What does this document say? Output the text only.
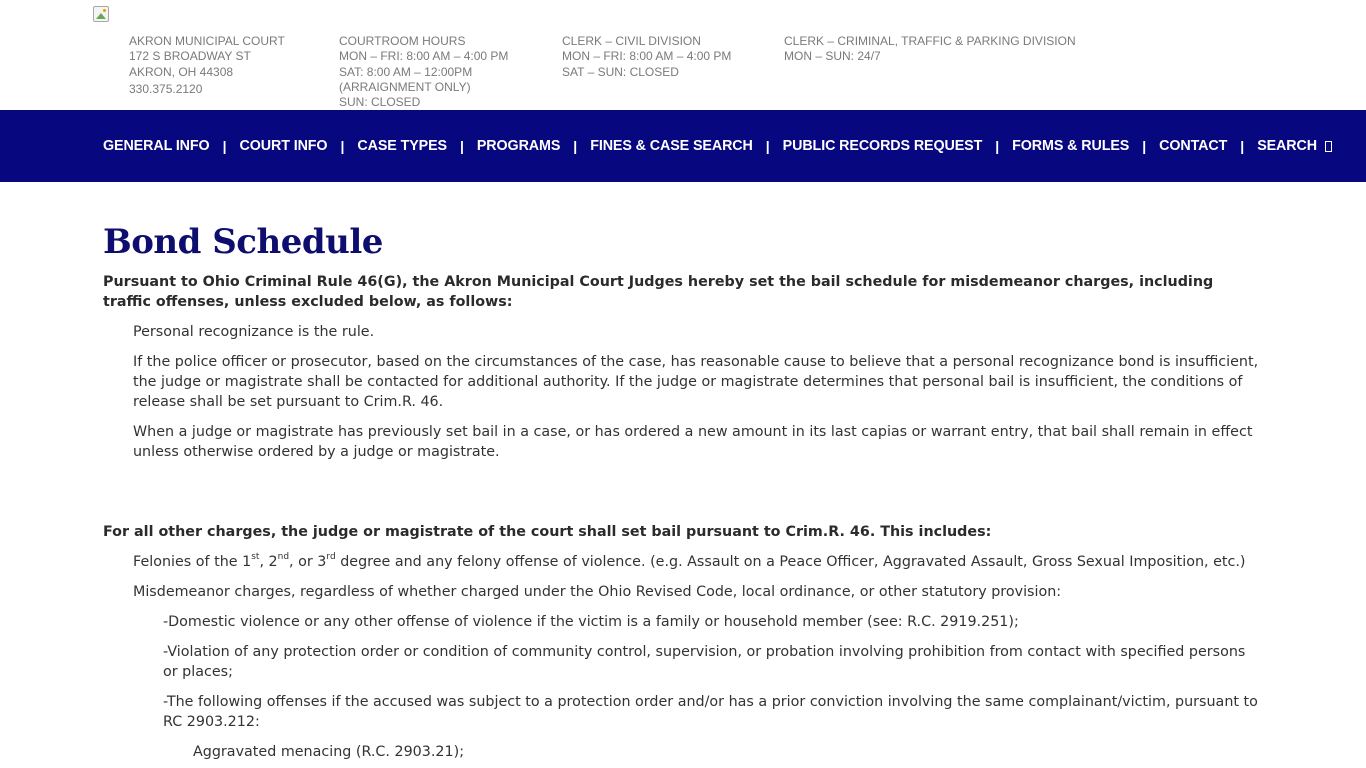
AKRON MUNICIPAL COURT
172 S BROADWAY ST
AKRON, OH 44308
330.375.2120
COURTROOM HOURS
MON – FRI: 8:00 AM – 4:00 PM
SAT: 8:00 AM – 12:00PM
(ARRAIGNMENT ONLY)
SUN: CLOSED
CLERK – CIVIL DIVISION
MON – FRI: 8:00 AM – 4:00 PM
SAT – SUN: CLOSED
CLERK – CRIMINAL, TRAFFIC & PARKING DIVISION
MON – SUN: 24/7
GENERAL INFO | COURT INFO | CASE TYPES | PROGRAMS | FINES & CASE SEARCH | PUBLIC RECORDS REQUEST | FORMS & RULES | CONTACT | SEARCH
Bond Schedule

Pursuant to Ohio Criminal Rule 46(G), the Akron Municipal Court Judges hereby set the bail schedule for misdemeanor charges, including traffic offenses, unless excluded below, as follows:

Personal recognizance is the rule.

If the police officer or prosecutor, based on the circumstances of the case, has reasonable cause to believe that a personal recognizance bond is insufficient, the judge or magistrate shall be contacted for additional authority. If the judge or magistrate determines that personal bail is insufficient, the conditions of release shall be set pursuant to Crim.R. 46.

When a judge or magistrate has previously set bail in a case, or has ordered a new amount in its last capias or warrant entry, that bail shall remain in effect unless otherwise ordered by a judge or magistrate.

For all other charges, the judge or magistrate of the court shall set bail pursuant to Crim.R. 46. This includes:

Felonies of the 1st, 2nd, or 3rd degree and any felony offense of violence. (e.g. Assault on a Peace Officer, Aggravated Assault, Gross Sexual Imposition, etc.)

Misdemeanor charges, regardless of whether charged under the Ohio Revised Code, local ordinance, or other statutory provision:

-Domestic violence or any other offense of violence if the victim is a family or household member (see: R.C. 2919.251);

-Violation of any protection order or condition of community control, supervision, or probation involving prohibition from contact with specified persons or places;

-The following offenses if the accused was subject to a protection order and/or has a prior conviction involving the same complainant/victim, pursuant to RC 2903.212:

Aggravated menacing (R.C. 2903.21);
